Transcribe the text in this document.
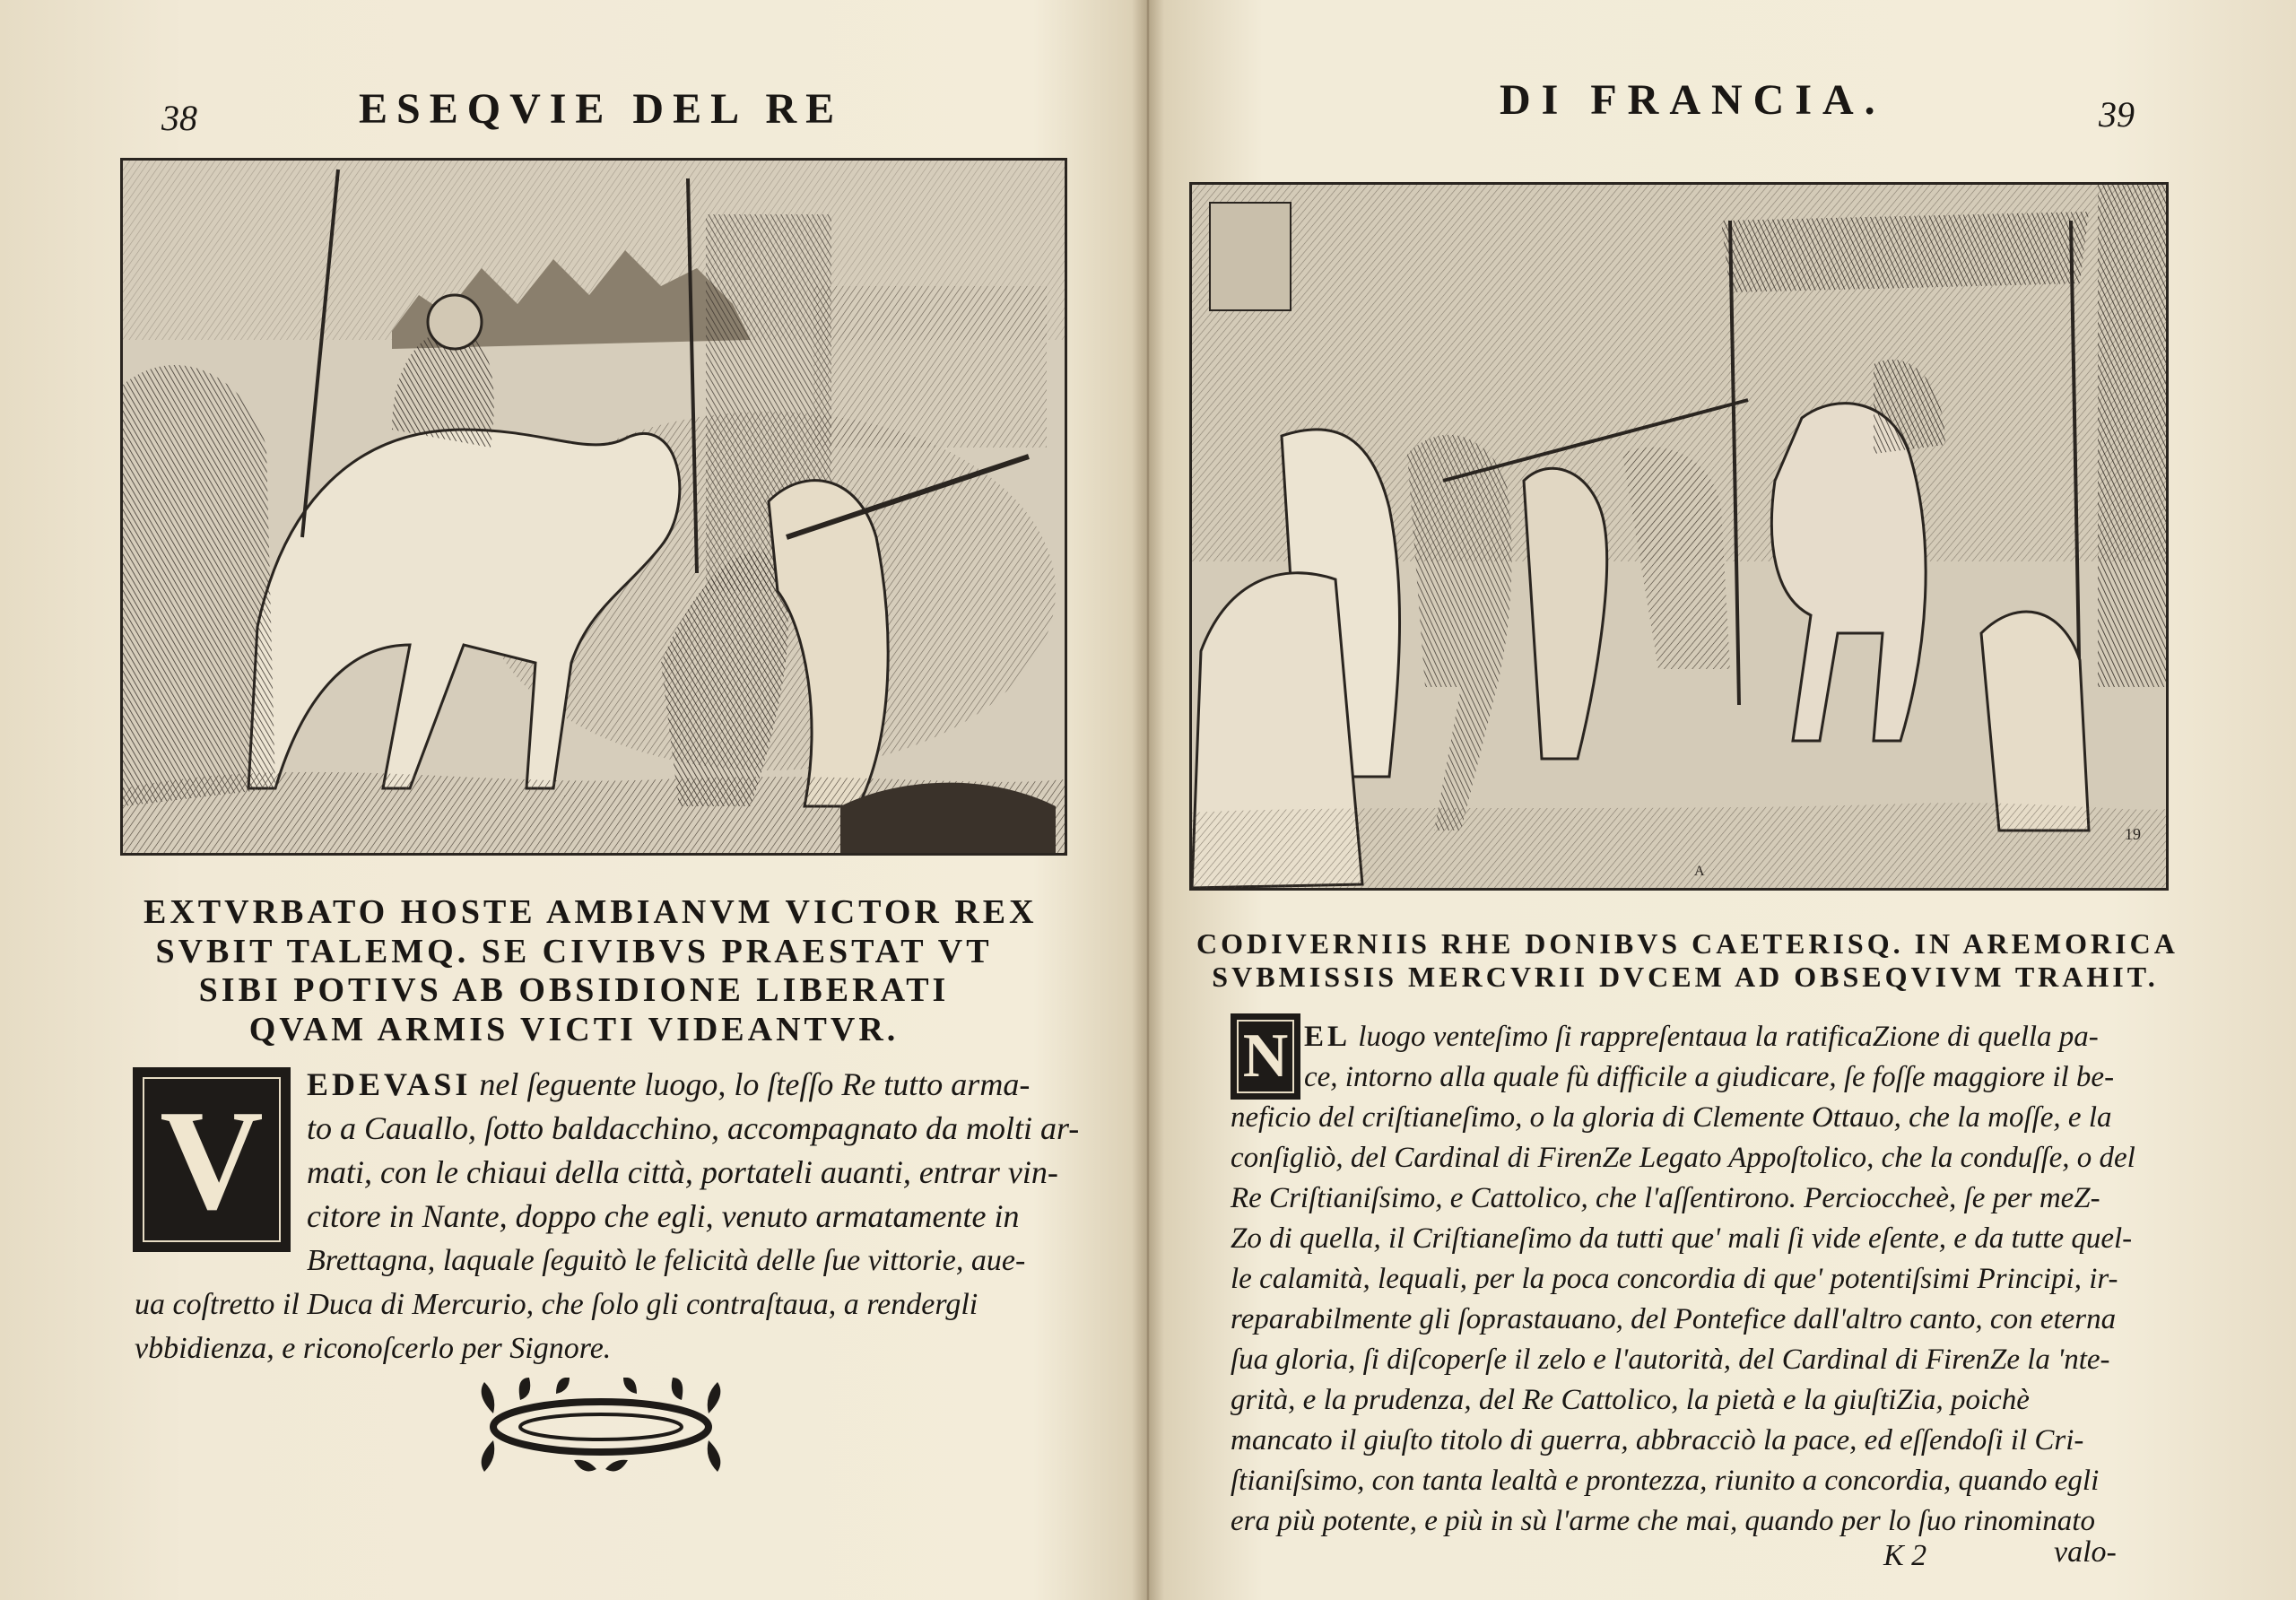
38	ESEQVIE DEL RE
EXTVRBATO HOSTE AMBIANVM VICTOR REX
SVBIT TALEMQ. SE CIVIBVS PRAESTAT VT
SIBI POTIVS AB OBSIDIONE LIBERATI
QVAM ARMIS VICTI VIDEANTVR.
V EDEVASI nel ſeguente luogo, lo ſteſſo Re tutto arma-
to a Cauallo, ſotto baldacchino, accompagnato da molti ar-
mati, con le chiaui della città, portateli auanti, entrar vin-
citore in Nante, doppo che egli, venuto armatamente in
Brettagna, laquale ſeguitò le felicità delle ſue vittorie, aue-
ua coſtretto il Duca di Mercurio, che ſolo gli contraſtaua, a rendergli
vbbidienza, e riconoſcerlo per Signore.
DI FRANCIA.	39
19
A
CODIVERNIIS RHE DONIBVS CAETERISQ. IN AREMORICA
SVBMISSIS MERCVRII DVCEM AD OBSEQVIVM TRAHIT.
N EL luogo venteſimo ſi rappreſentaua la ratificaZione di quella pa-
ce, intorno alla quale fù difficile a giudicare, ſe foſſe maggiore il be-
neficio del criſtianeſimo, o la gloria di Clemente Ottauo, che la moſſe, e la
conſigliò, del Cardinal di FirenZe Legato Appoſtolico, che la conduſſe, o del
Re Criſtianiſsimo, e Cattolico, che l'aſſentirono. Percioccheè, ſe per meZ-
Zo di quella, il Criſtianeſimo da tutti que' mali ſi vide eſente, e da tutte quel-
le calamità, lequali, per la poca concordia di que' potentiſsimi Principi, ir-
reparabilmente gli ſoprastauano, del Pontefice dall'altro canto, con eterna
ſua gloria, ſi diſcoperſe il zelo e l'autorità, del Cardinal di FirenZe la 'nte-
grità, e la prudenza, del Re Cattolico, la pietà e la giuſtiZia, poichè
mancato il giuſto titolo di guerra, abbracciò la pace, ed eſſendoſi il Cri-
ſtianiſsimo, con tanta lealtà e prontezza, riunito a concordia, quando egli
era più potente, e più in sù l'arme che mai, quando per lo ſuo rinominato
K 2	valo-
